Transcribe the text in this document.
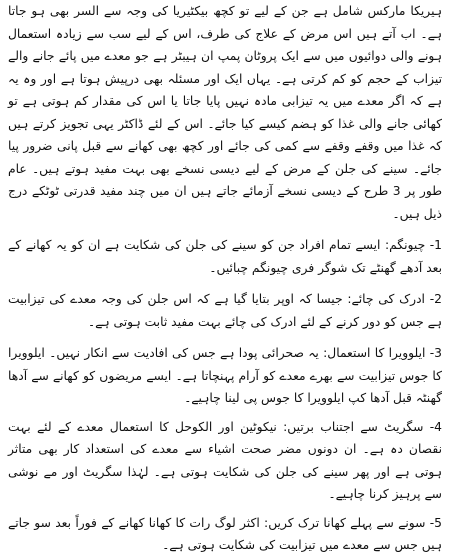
ہیریکا مارکس شامل ہے جن کے لیے تو کچھ بیکٹیریا کی وجہ سے السر بھی ہو جاتا ہے۔ اب آتے ہیں اس مرض کے علاج کی طرف، اس کے لیے سب سے زیادہ استعمال ہونے والی دوائیوں میں سے ایک پروٹان پمپ ان ہیبٹر ہے جو معدے میں پائے جانے والے تیزاب کے حجم کو کم کرتی ہے۔ یہاں ایک اور مسئلہ بھی درپیش ہوتا ہے اور وہ یہ ہے کہ اگر معدے میں یہ تیزابی مادہ نہیں پایا جاتا یا اس کی مقدار کم ہوتی ہے تو کھائی جانے والی غذا کو ہضم کیسے کیا جائے۔ اس کے لئے ڈاکٹر یہی تجویز کرتے ہیں کہ غذا میں وقفے وقفے سے کمی کی جائے اور کچھ بھی کھانے سے قبل پانی ضرور پیا جائے۔ سینے کی جلن کے مرض کے لیے دیسی نسخے بھی بہت مفید ہوتے ہیں۔ عام طور پر 3 طرح کے دیسی نسخے آزمائے جاتے ہیں ان میں چند مفید قدرتی ٹوٹکے درج ذیل ہیں۔

1- چیونگم: ایسے تمام افراد جن کو سینے کی جلن کی شکایت ہے ان کو یہ کھانے کے بعد آدھے گھنٹے تک شوگر فری چیونگم چبائیں۔

2- ادرک کی چائے: جیسا کہ اوپر بتایا گیا ہے کہ اس جلن کی وجہ معدے کی تیزابیت ہے جس کو دور کرنے کے لئے ادرک کی چائے بہت مفید ثابت ہوتی ہے۔

3- ایلوویرا کا استعمال: یہ صحرائی پودا ہے جس کی افادیت سے انکار نہیں۔ ایلوویرا کا جوس تیزابیت سے بھرے معدے کو آرام پہنچاتا ہے۔ ایسے مریضوں کو کھانے سے آدھا گھنٹہ قبل آدھا کپ ایلوویرا کا جوس پی لینا چاہیے۔

4- سگریٹ سے اجتناب برتیں: نیکوٹین اور الکوحل کا استعمال معدے کے لئے بہت نقصان دہ ہے۔ ان دونوں مضر صحت اشیاء سے معدے کی استعداد کار بھی متاثر ہوتی ہے اور پھر سینے کی جلن کی شکایت ہوتی ہے۔ لہٰذا سگریٹ اور مے نوشی سے پرہیز کرنا چاہیے۔

5- سونے سے پہلے کھانا ترک کریں: اکثر لوگ رات کا کھانا کھانے کے فوراً بعد سو جاتے ہیں جس سے معدے میں تیزابیت کی شکایت ہوتی ہے۔
